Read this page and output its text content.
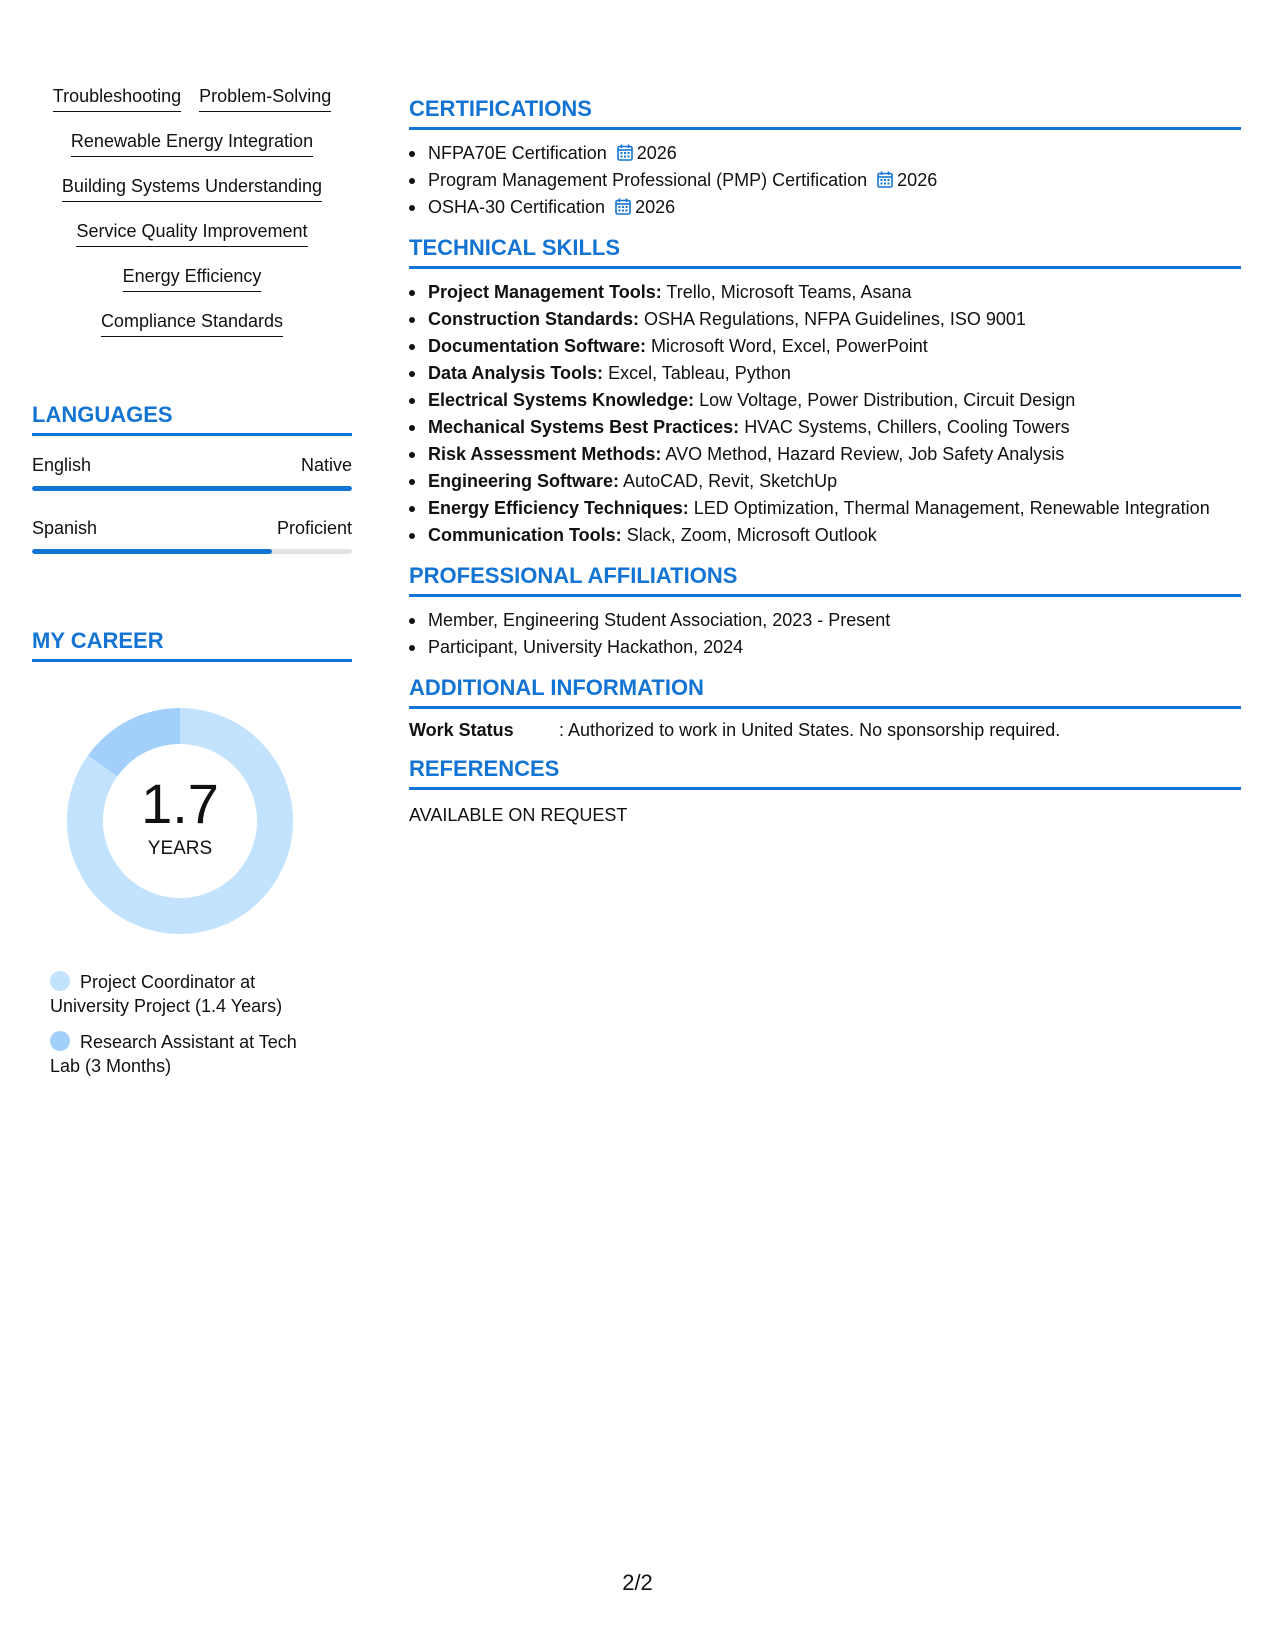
Troubleshooting Problem-Solving
Renewable Energy Integration
Building Systems Understanding
Service Quality Improvement
Energy Efficiency
Compliance Standards
LANGUAGES
English	Native
Spanish	Proficient
MY CAREER
1.7
YEARS
Project Coordinator at University Project (1.4 Years)
Research Assistant at Tech Lab (3 Months)
CERTIFICATIONS
NFPA70E Certification 2026
Program Management Professional (PMP) Certification 2026
OSHA-30 Certification 2026
TECHNICAL SKILLS
Project Management Tools: Trello, Microsoft Teams, Asana
Construction Standards: OSHA Regulations, NFPA Guidelines, ISO 9001
Documentation Software: Microsoft Word, Excel, PowerPoint
Data Analysis Tools: Excel, Tableau, Python
Electrical Systems Knowledge: Low Voltage, Power Distribution, Circuit Design
Mechanical Systems Best Practices: HVAC Systems, Chillers, Cooling Towers
Risk Assessment Methods: AVO Method, Hazard Review, Job Safety Analysis
Engineering Software: AutoCAD, Revit, SketchUp
Energy Efficiency Techniques: LED Optimization, Thermal Management, Renewable Integration
Communication Tools: Slack, Zoom, Microsoft Outlook
PROFESSIONAL AFFILIATIONS
Member, Engineering Student Association, 2023 - Present
Participant, University Hackathon, 2024
ADDITIONAL INFORMATION
Work Status	: Authorized to work in United States. No sponsorship required.
REFERENCES
AVAILABLE ON REQUEST
2/2
